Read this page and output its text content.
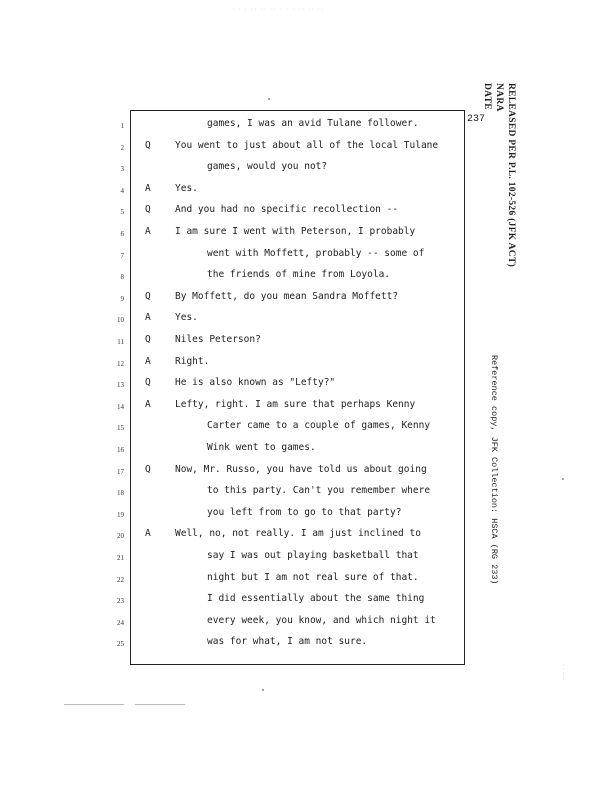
· · · ·· ·· ·· · · · ·· ·· ··
237 RELEASED PER P.L. 102-526 (JFK ACT)
NARA
DATE
Reference copy, JFK Collection: HSCA (RG 233)
1	games, I was an avid Tulane follower.
2 Q	You went to just about all of the local Tulane
3	games, would you not?
4 A	Yes.
5 Q	And you had no specific recollection --
6 A	I am sure I went with Peterson, I probably
7	went with Moffett, probably -- some of
8	the friends of mine from Loyola.
9 Q	By Moffett, do you mean Sandra Moffett?
10 A	Yes.
11 Q	Niles Peterson?
12 A	Right.
13 Q	He is also known as "Lefty?"
14 A	Lefty, right. I am sure that perhaps Kenny
15	Carter came to a couple of games, Kenny
16	Wink went to games.
17 Q	Now, Mr. Russo, you have told us about going
18	to this party. Can't you remember where
19	you left from to go to that party?
20 A	Well, no, not really. I am just inclined to
21	say I was out playing basketball that
22	night but I am not real sure of that.
23	I did essentially about the same thing
24	every week, you know, and which night it
25	was for what, I am not sure.
· · · · ·
